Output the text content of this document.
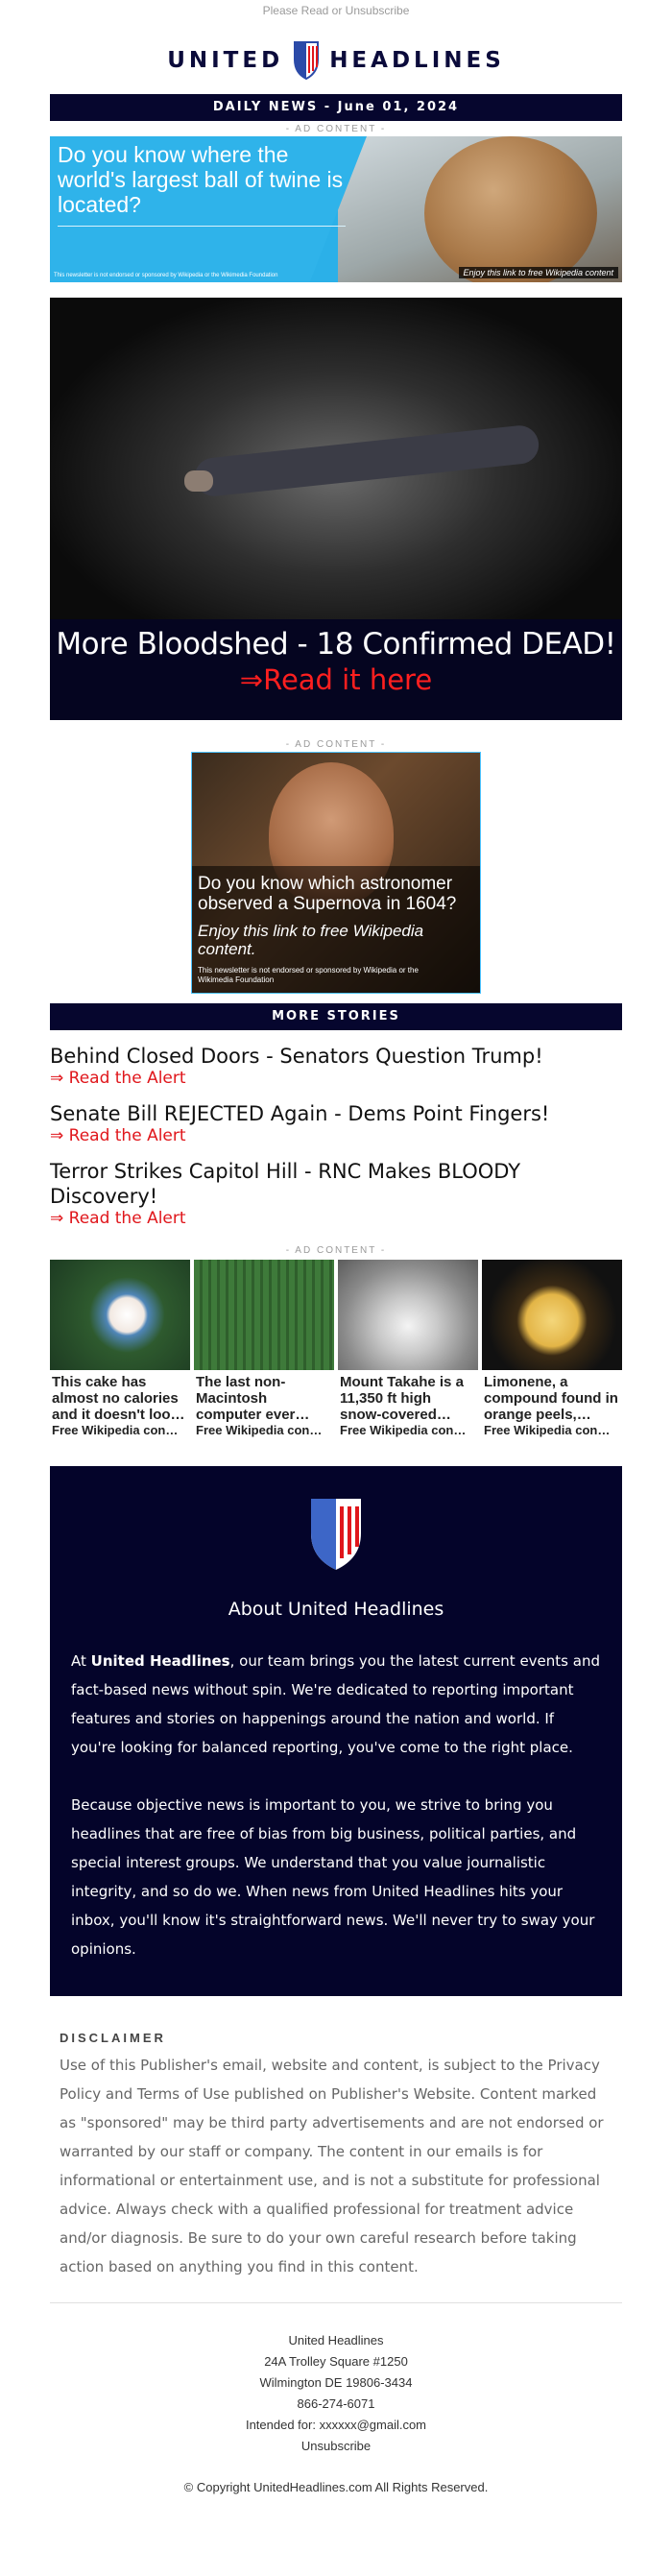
Please Read or Unsubscribe
UNITED HEADLINES
DAILY NEWS - June 01, 2024
- AD CONTENT -
Do you know where the world's largest ball of twine is located?
This newsletter is not endorsed or sponsored by Wikipedia or the Wikimedia Foundation	Enjoy this link to free Wikipedia content
More Bloodshed - 18 Confirmed DEAD!
⇒Read it here
- AD CONTENT -
Do you know which astronomer observed a Supernova in 1604?
Enjoy this link to free Wikipedia content.
This newsletter is not endorsed or sponsored by Wikipedia or the Wikimedia Foundation
MORE STORIES
Behind Closed Doors - Senators Question Trump!
⇒ Read the Alert
Senate Bill REJECTED Again - Dems Point Fingers!
⇒ Read the Alert
Terror Strikes Capitol Hill - RNC Makes BLOODY Discovery!
⇒ Read the Alert
- AD CONTENT -
This cake has almost no calories and it doesn't loo…
Free Wikipedia con…
The last non-Macintosh computer ever…
Free Wikipedia con…
Mount Takahe is a 11,350 ft high snow-covered…
Free Wikipedia con…
Limonene, a compound found in orange peels,…
Free Wikipedia con…
About United Headlines

At United Headlines, our team brings you the latest current events and fact-based news without spin. We're dedicated to reporting important features and stories on happenings around the nation and world. If you're looking for balanced reporting, you've come to the right place.

Because objective news is important to you, we strive to bring you headlines that are free of bias from big business, political parties, and special interest groups. We understand that you value journalistic integrity, and so do we. When news from United Headlines hits your inbox, you'll know it's straightforward news. We'll never try to sway your opinions.

DISCLAIMER
Use of this Publisher's email, website and content, is subject to the Privacy Policy and Terms of Use published on Publisher's Website. Content marked as "sponsored" may be third party advertisements and are not endorsed or warranted by our staff or company. The content in our emails is for informational or entertainment use, and is not a substitute for professional advice. Always check with a qualified professional for treatment advice and/or diagnosis. Be sure to do your own careful research before taking action based on anything you find in this content.
United Headlines
24A Trolley Square #1250
Wilmington DE 19806-3434
866-274-6071
Intended for: xxxxxx@gmail.com
Unsubscribe
© Copyright UnitedHeadlines.com All Rights Reserved.
